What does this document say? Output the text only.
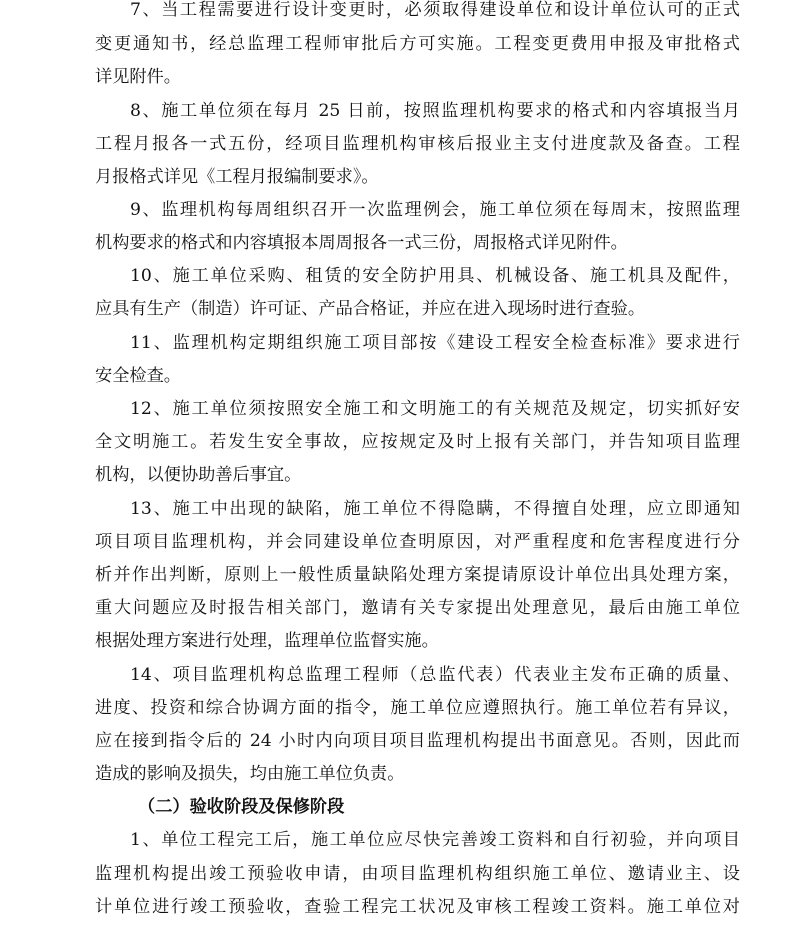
7、当工程需要进行设计变更时，必须取得建设单位和设计单位认可的正式
变更通知书，经总监理工程师审批后方可实施。工程变更费用申报及审批格式
详见附件。
8、施工单位须在每月 25 日前，按照监理机构要求的格式和内容填报当月
工程月报各一式五份，经项目监理机构审核后报业主支付进度款及备查。工程
月报格式详见《工程月报编制要求》。
9、监理机构每周组织召开一次监理例会，施工单位须在每周末，按照监理
机构要求的格式和内容填报本周周报各一式三份，周报格式详见附件。
10、施工单位采购、租赁的安全防护用具、机械设备、施工机具及配件，
应具有生产（制造）许可证、产品合格证，并应在进入现场时进行查验。
11、监理机构定期组织施工项目部按《建设工程安全检查标准》要求进行
安全检查。
12、施工单位须按照安全施工和文明施工的有关规范及规定，切实抓好安
全文明施工。若发生安全事故，应按规定及时上报有关部门，并告知项目监理
机构，以便协助善后事宜。
13、施工中出现的缺陷，施工单位不得隐瞒，不得擅自处理，应立即通知
项目项目监理机构，并会同建设单位查明原因，对严重程度和危害程度进行分
析并作出判断，原则上一般性质量缺陷处理方案提请原设计单位出具处理方案，
重大问题应及时报告相关部门，邀请有关专家提出处理意见，最后由施工单位
根据处理方案进行处理，监理单位监督实施。
14、项目监理机构总监理工程师（总监代表）代表业主发布正确的质量、
进度、投资和综合协调方面的指令，施工单位应遵照执行。施工单位若有异议，
应在接到指令后的 24 小时内向项目项目监理机构提出书面意见。否则，因此而
造成的影响及损失，均由施工单位负责。
（二）验收阶段及保修阶段
1、单位工程完工后，施工单位应尽快完善竣工资料和自行初验，并向项目
监理机构提出竣工预验收申请，由项目监理机构组织施工单位、邀请业主、设
计单位进行竣工预验收，查验工程完工状况及审核工程竣工资料。施工单位对
